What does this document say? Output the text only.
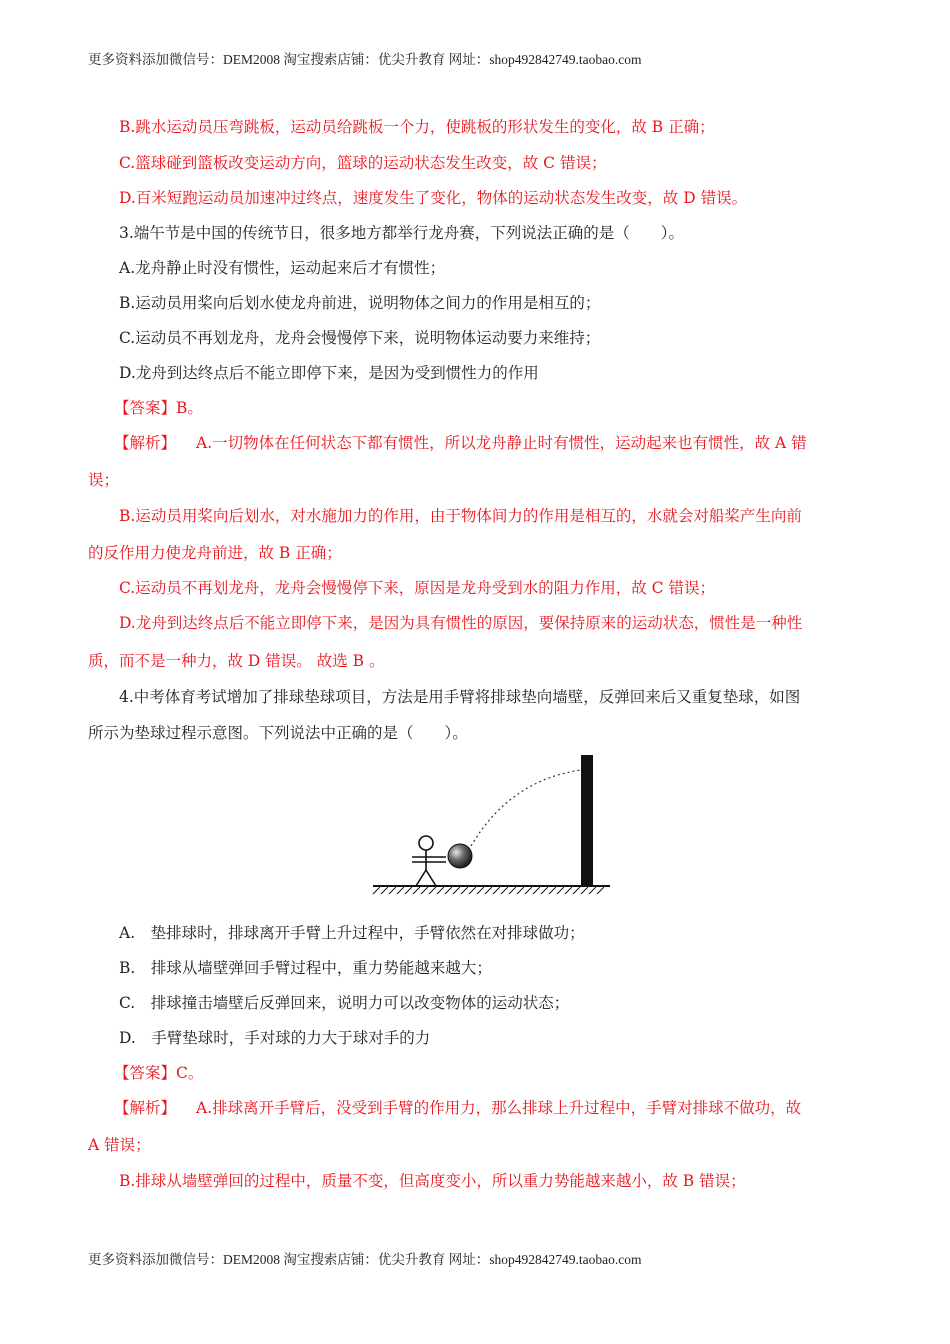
更多资料添加微信号：DEM2008 淘宝搜索店铺：优尖升教育 网址：shop492842749.taobao.com
B.跳水运动员压弯跳板，运动员给跳板一个力，使跳板的形状发生的变化，故 B 正确；
C.篮球碰到篮板改变运动方向，篮球的运动状态发生改变，故 C 错误；
D.百米短跑运动员加速冲过终点，速度发生了变化，物体的运动状态发生改变，故 D 错误。
3.端午节是中国的传统节日，很多地方都举行龙舟赛，下列说法正确的是（　　）。
A.龙舟静止时没有惯性，运动起来后才有惯性；
B.运动员用桨向后划水使龙舟前进，说明物体之间力的作用是相互的；
C.运动员不再划龙舟，龙舟会慢慢停下来，说明物体运动要力来维持；
D.龙舟到达终点后不能立即停下来，是因为受到惯性力的作用
【答案】B。
【解析】 A.一切物体在任何状态下都有惯性，所以龙舟静止时有惯性，运动起来也有惯性，故 A 错
误；
B.运动员用桨向后划水，对水施加力的作用，由于物体间力的作用是相互的，水就会对船桨产生向前
的反作用力使龙舟前进，故 B 正确；
C.运动员不再划龙舟，龙舟会慢慢停下来，原因是龙舟受到水的阻力作用，故 C 错误；
D.龙舟到达终点后不能立即停下来，是因为具有惯性的原因，要保持原来的运动状态，惯性是一种性
质，而不是一种力，故 D 错误。 故选 B 。
4.中考体育考试增加了排球垫球项目，方法是用手臂将排球垫向墙壁，反弹回来后又重复垫球，如图
所示为垫球过程示意图。下列说法中正确的是（　　）。
A.　垫排球时，排球离开手臂上升过程中，手臂依然在对排球做功；
B.　排球从墙壁弹回手臂过程中，重力势能越来越大；
C.　排球撞击墙壁后反弹回来，说明力可以改变物体的运动状态；
D.　手臂垫球时，手对球的力大于球对手的力
【答案】C。
【解析】 A.排球离开手臂后，没受到手臂的作用力，那么排球上升过程中，手臂对排球不做功，故
A 错误；
B.排球从墙壁弹回的过程中，质量不变，但高度变小，所以重力势能越来越小，故 B 错误；
更多资料添加微信号：DEM2008 淘宝搜索店铺：优尖升教育 网址：shop492842749.taobao.com
